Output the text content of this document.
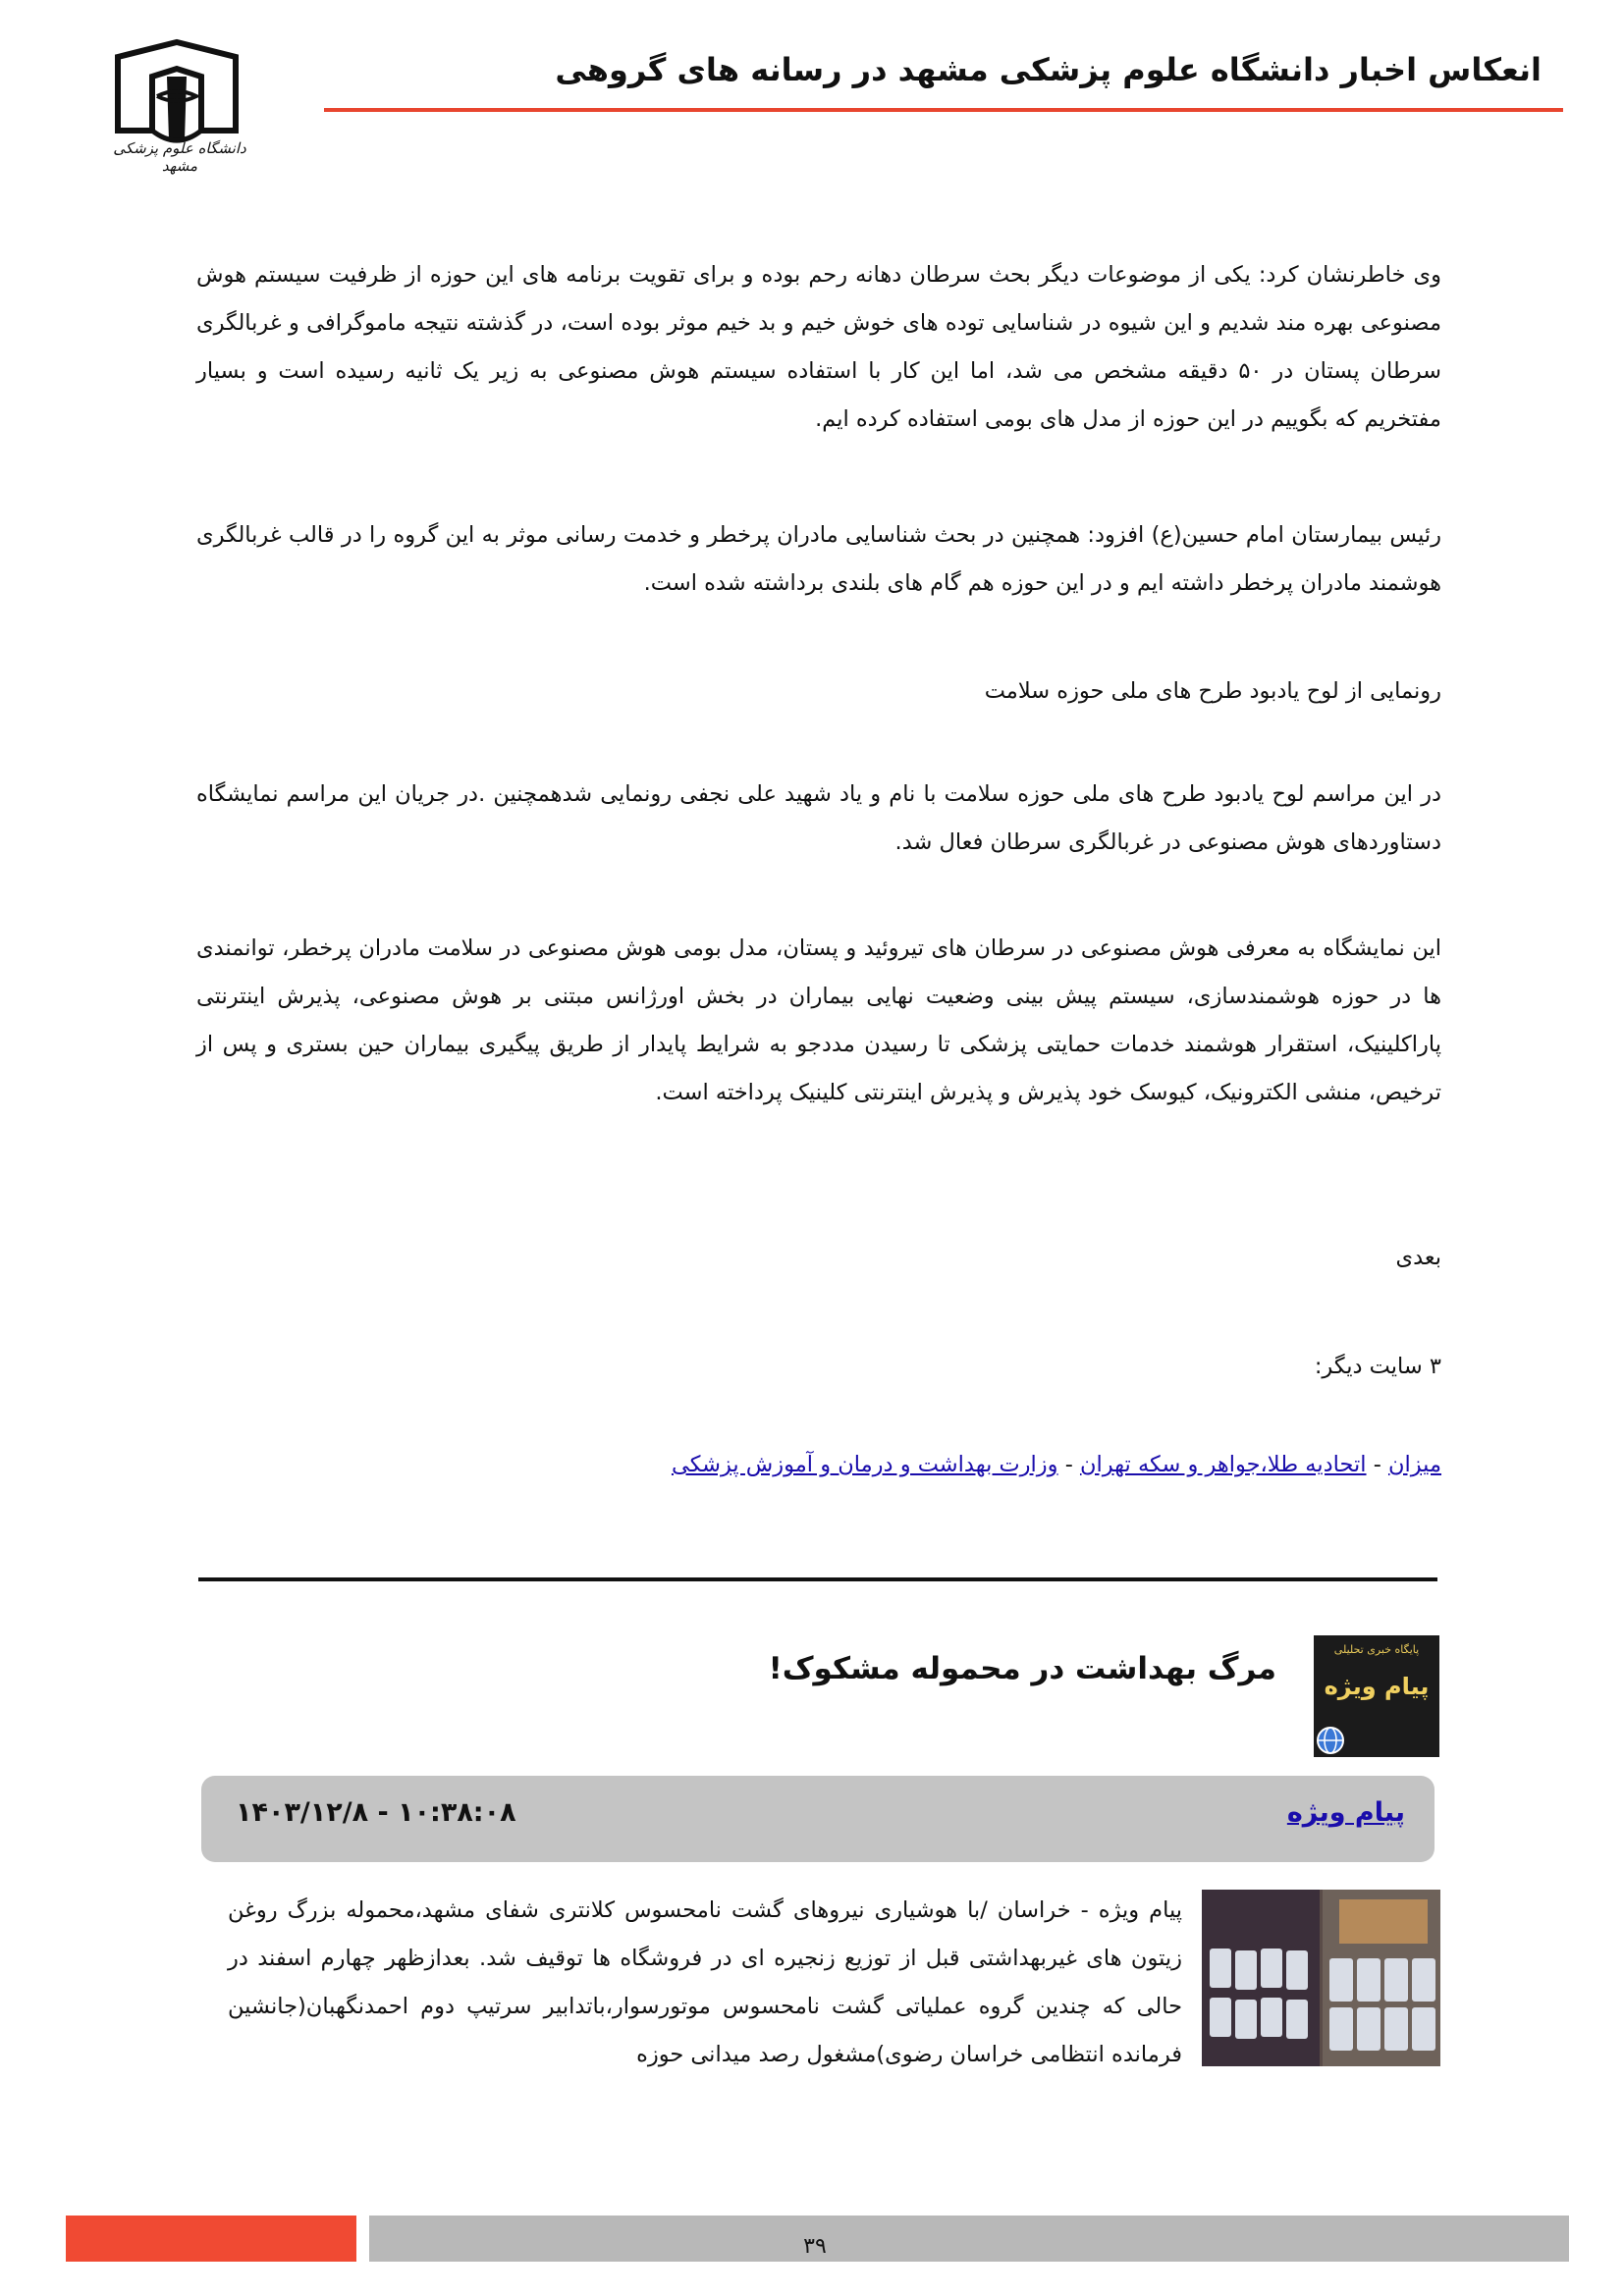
انعکاس اخبار دانشگاه علوم پزشکی مشهد در رسانه های گروهی
دانشگاه علوم پزشکی مشهد
وی خاطرنشان کرد: یکی از موضوعات دیگر بحث سرطان دهانه رحم بوده و برای تقویت برنامه های این حوزه از ظرفیت سیستم هوش مصنوعی بهره مند شدیم و این شیوه در شناسایی توده های خوش خیم و بد خیم موثر بوده است، در گذشته نتیجه ماموگرافی و غربالگری سرطان پستان در ۵۰ دقیقه مشخص می شد، اما این کار با استفاده سیستم هوش مصنوعی به زیر یک ثانیه رسیده است و بسیار مفتخریم که بگوییم در این حوزه از مدل های بومی استفاده کرده ایم.
رئیس بیمارستان امام حسین(ع) افزود: همچنین در بحث شناسایی مادران پرخطر و خدمت رسانی موثر به این گروه را در قالب غربالگری هوشمند مادران پرخطر داشته ایم و در این حوزه هم گام های بلندی برداشته شده است.
رونمایی از لوح یادبود طرح های ملی حوزه سلامت
در این مراسم لوح یادبود طرح های ملی حوزه سلامت با نام و یاد شهید علی نجفی رونمایی شدهمچنین .در جریان این مراسم نمایشگاه دستاوردهای هوش مصنوعی در غربالگری سرطان فعال شد.
این نمایشگاه به معرفی هوش مصنوعی در سرطان های تیروئید و پستان، مدل بومی هوش مصنوعی در سلامت مادران پرخطر، توانمندی ها در حوزه هوشمندسازی، سیستم پیش بینی وضعیت نهایی بیماران در بخش اورژانس مبتنی بر هوش مصنوعی، پذیرش اینترنتی پاراکلینیک، استقرار هوشمند خدمات حمایتی پزشکی تا رسیدن مددجو به شرایط پایدار از طریق پیگیری بیماران حین بستری و پس از ترخیص، منشی الکترونیک، کیوسک خود پذیرش و پذیرش اینترنتی کلینیک پرداخته است.
بعدی
۳ سایت دیگر:
میزان - اتحادیه طلا،جواهر و سکه تهران - وزارت بهداشت و درمان و آموزش پزشکی
پایگاه خبری تحلیلی
پیام ویژه
مرگ بهداشت در محموله مشکوک!
پیام ویژه
۱۴۰۳/۱۲/۸ - ۱۰:۳۸:۰۸
پیام ویژه - خراسان /با هوشیاری نیروهای گشت نامحسوس کلانتری شفای مشهد،محموله بزرگ روغن زیتون های غیربهداشتی قبل از توزیع زنجیره ای در فروشگاه ها توقیف شد. بعدازظهر چهارم اسفند در حالی که چندین گروه عملیاتی گشت نامحسوس موتورسوار،باتدابیر سرتیپ دوم احمدنگهبان(جانشین فرمانده انتظامی خراسان رضوی)مشغول رصد میدانی حوزه
۳۹
